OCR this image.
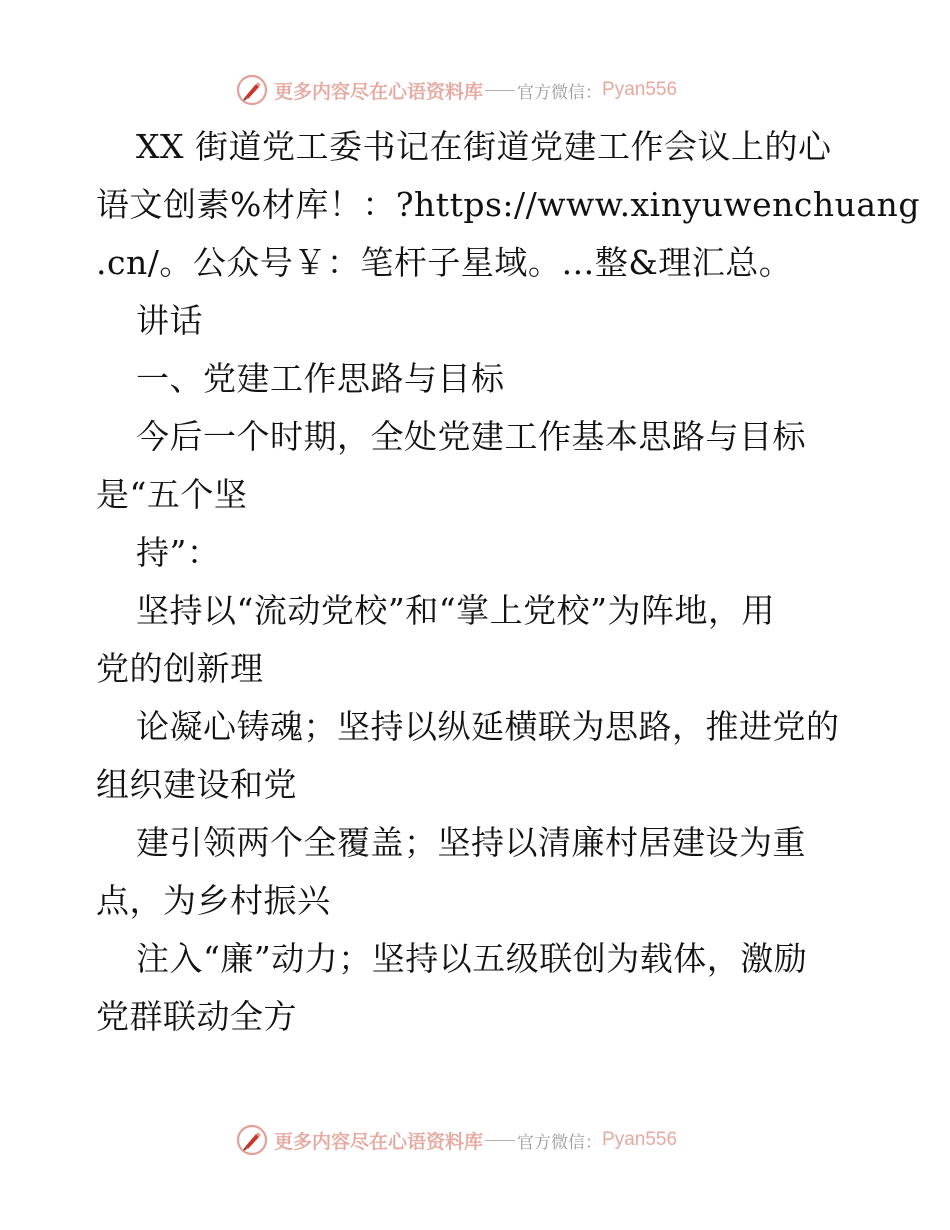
更多内容尽在心语资料库 官方微信： Pyan556
XX 街道党工委书记在街道党建工作会议上的心
语文创素%材库！：?https://www.xinyuwenchuang
.cn/。公众号￥：笔杆子星域。…整&理汇总。
讲话
一、党建工作思路与目标
今后一个时期，全处党建工作基本思路与目标
是“五个坚
持”：
坚持以“流动党校”和“掌上党校”为阵地，用
党的创新理
论凝心铸魂；坚持以纵延横联为思路，推进党的
组织建设和党
建引领两个全覆盖；坚持以清廉村居建设为重
点，为乡村振兴
注入“廉”动力；坚持以五级联创为载体，激励
党群联动全方
更多内容尽在心语资料库 官方微信： Pyan556
